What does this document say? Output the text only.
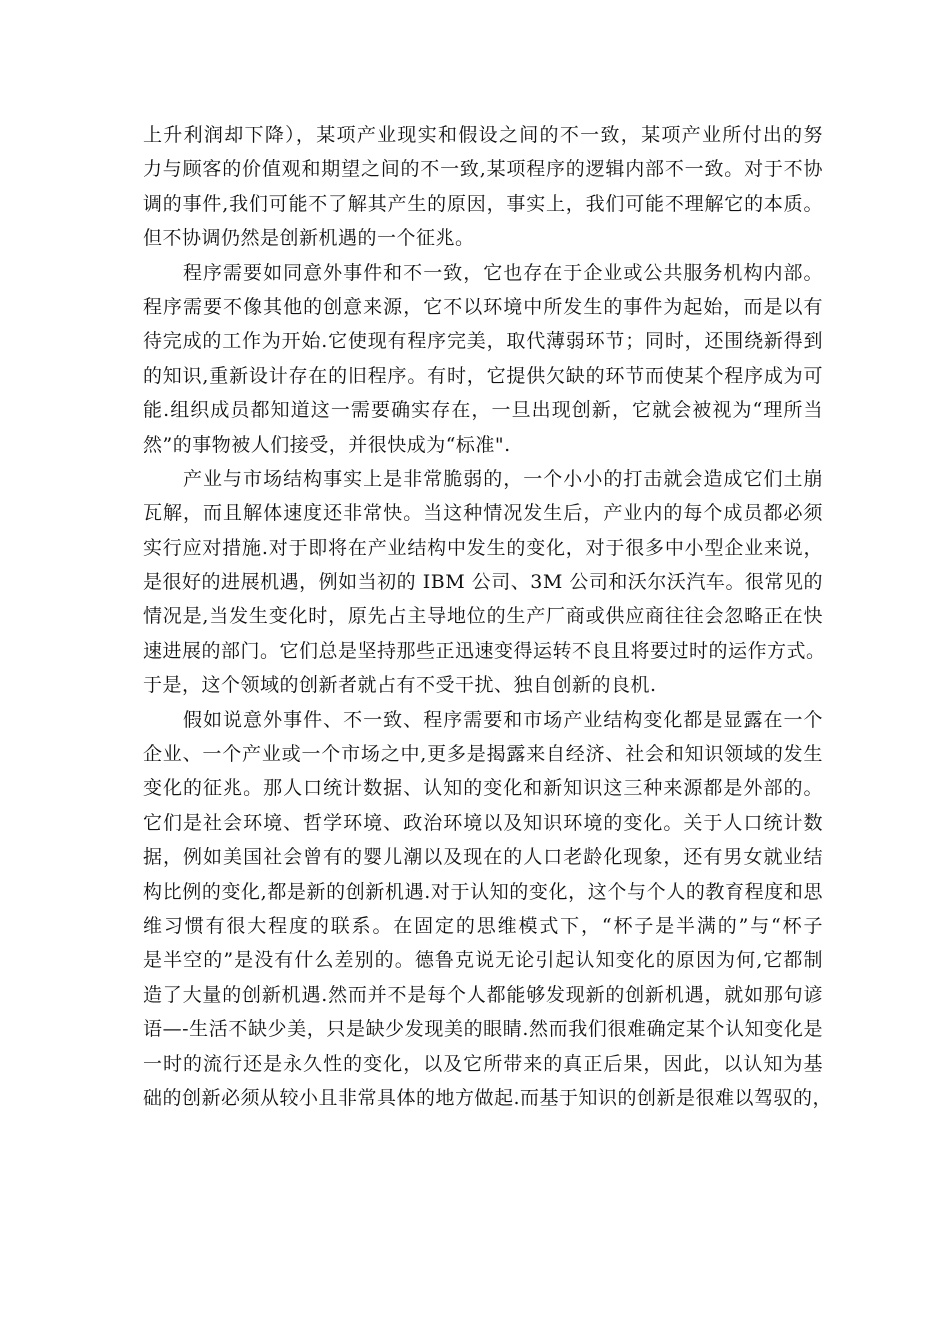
上升利润却下降），某项产业现实和假设之间的不一致，某项产业所付出的努
力与顾客的价值观和期望之间的不一致,某项程序的逻辑内部不一致。对于不协
调的事件,我们可能不了解其产生的原因，事实上，我们可能不理解它的本质。
但不协调仍然是创新机遇的一个征兆。
程序需要如同意外事件和不一致，它也存在于企业或公共服务机构内部。
程序需要不像其他的创意来源，它不以环境中所发生的事件为起始，而是以有
待完成的工作为开始.它使现有程序完美，取代薄弱环节；同时，还围绕新得到
的知识,重新设计存在的旧程序。有时，它提供欠缺的环节而使某个程序成为可
能.组织成员都知道这一需要确实存在，一旦出现创新，它就会被视为“理所当
然”的事物被人们接受，并很快成为“标准".
产业与市场结构事实上是非常脆弱的，一个小小的打击就会造成它们土崩
瓦解，而且解体速度还非常快。当这种情况发生后，产业内的每个成员都必须
实行应对措施.对于即将在产业结构中发生的变化，对于很多中小型企业来说，
是很好的进展机遇，例如当初的 IBM 公司、3M 公司和沃尔沃汽车。很常见的
情况是,当发生变化时，原先占主导地位的生产厂商或供应商往往会忽略正在快
速进展的部门。它们总是坚持那些正迅速变得运转不良且将要过时的运作方式。
于是，这个领域的创新者就占有不受干扰、独自创新的良机.
假如说意外事件、不一致、程序需要和市场产业结构变化都是显露在一个
企业、一个产业或一个市场之中,更多是揭露来自经济、社会和知识领域的发生
变化的征兆。那人口统计数据、认知的变化和新知识这三种来源都是外部的。
它们是社会环境、哲学环境、政治环境以及知识环境的变化。关于人口统计数
据，例如美国社会曾有的婴儿潮以及现在的人口老龄化现象，还有男女就业结
构比例的变化,都是新的创新机遇.对于认知的变化，这个与个人的教育程度和思
维习惯有很大程度的联系。在固定的思维模式下，“杯子是半满的”与“杯子
是半空的”是没有什么差别的。德鲁克说无论引起认知变化的原因为何,它都制
造了大量的创新机遇.然而并不是每个人都能够发现新的创新机遇，就如那句谚
语—-生活不缺少美，只是缺少发现美的眼睛.然而我们很难确定某个认知变化是
一时的流行还是永久性的变化，以及它所带来的真正后果，因此，以认知为基
础的创新必须从较小且非常具体的地方做起.而基于知识的创新是很难以驾驭的，
